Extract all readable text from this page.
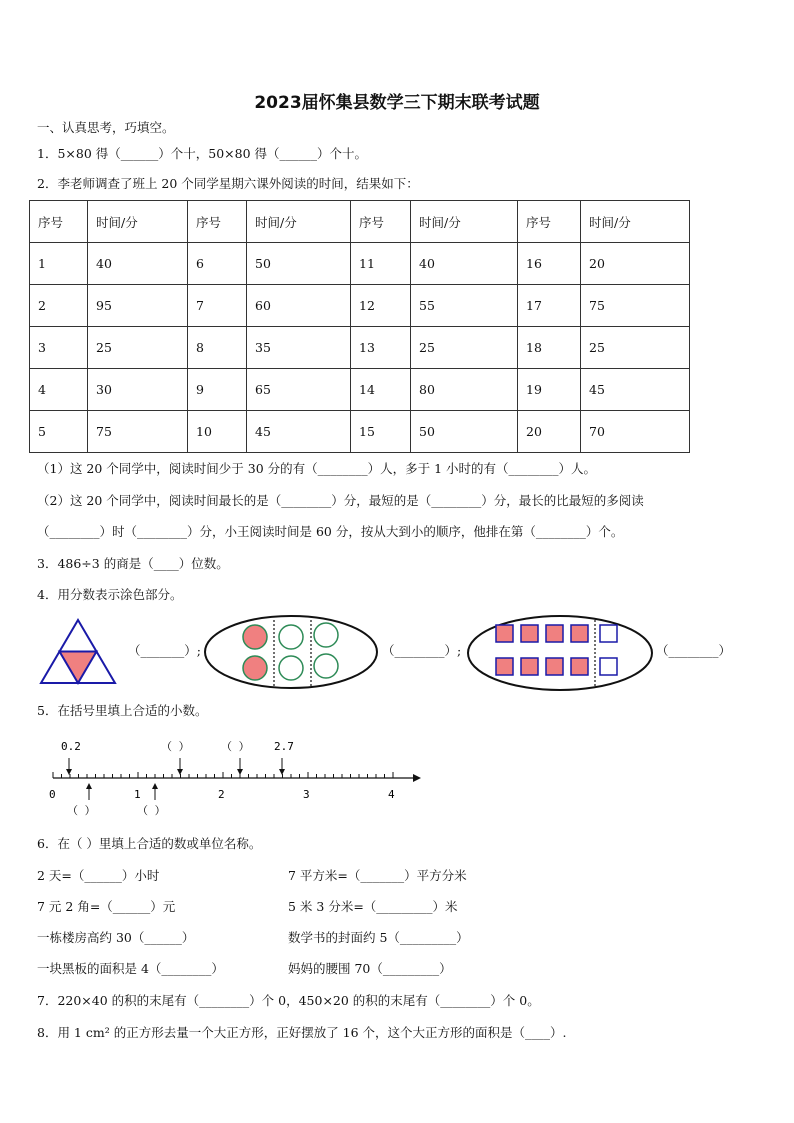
2023届怀集县数学三下期末联考试题
一、认真思考，巧填空。
1．5×80 得（______）个十，50×80 得（______）个十。
2．李老师调查了班上 20 个同学星期六课外阅读的时间，结果如下：
序号	时间/分	序号	时间/分	序号	时间/分	序号	时间/分
1	40	6	50	11	40	16	20
2	95	7	60	12	55	17	75
3	25	8	35	13	25	18	25
4	30	9	65	14	80	19	45
5	75	10	45	15	50	20	70
（1）这 20 个同学中，阅读时间少于 30 分的有（________）人，多于 1 小时的有（________）人。
（2）这 20 个同学中，阅读时间最长的是（________）分，最短的是（________）分，最长的比最短的多阅读
（________）时（________）分，小王阅读时间是 60 分，按从大到小的顺序，他排在第（________）个。
3．486÷3 的商是（____）位数。
4．用分数表示涂色部分。
（_______）;	（________）;	（________）
5．在括号里填上合适的小数。
0.2	（ ）	（ ） 2.7
0	1	2	3	4
（ ）	（ ）
6．在（ ）里填上合适的数或单位名称。
2 天=（______）小时	7 平方米=（_______）平方分米
7 元 2 角=（______）元	5 米 3 分米=（_________）米
一栋楼房高约 30（______）	数学书的封面约 5（_________）
一块黑板的面积是 4（________）	妈妈的腰围 70（_________）
7．220×40 的积的末尾有（________）个 0，450×20 的积的末尾有（________）个 0。
8．用 1 cm² 的正方形去量一个大正方形，正好摆放了 16 个，这个大正方形的面积是（____）.
